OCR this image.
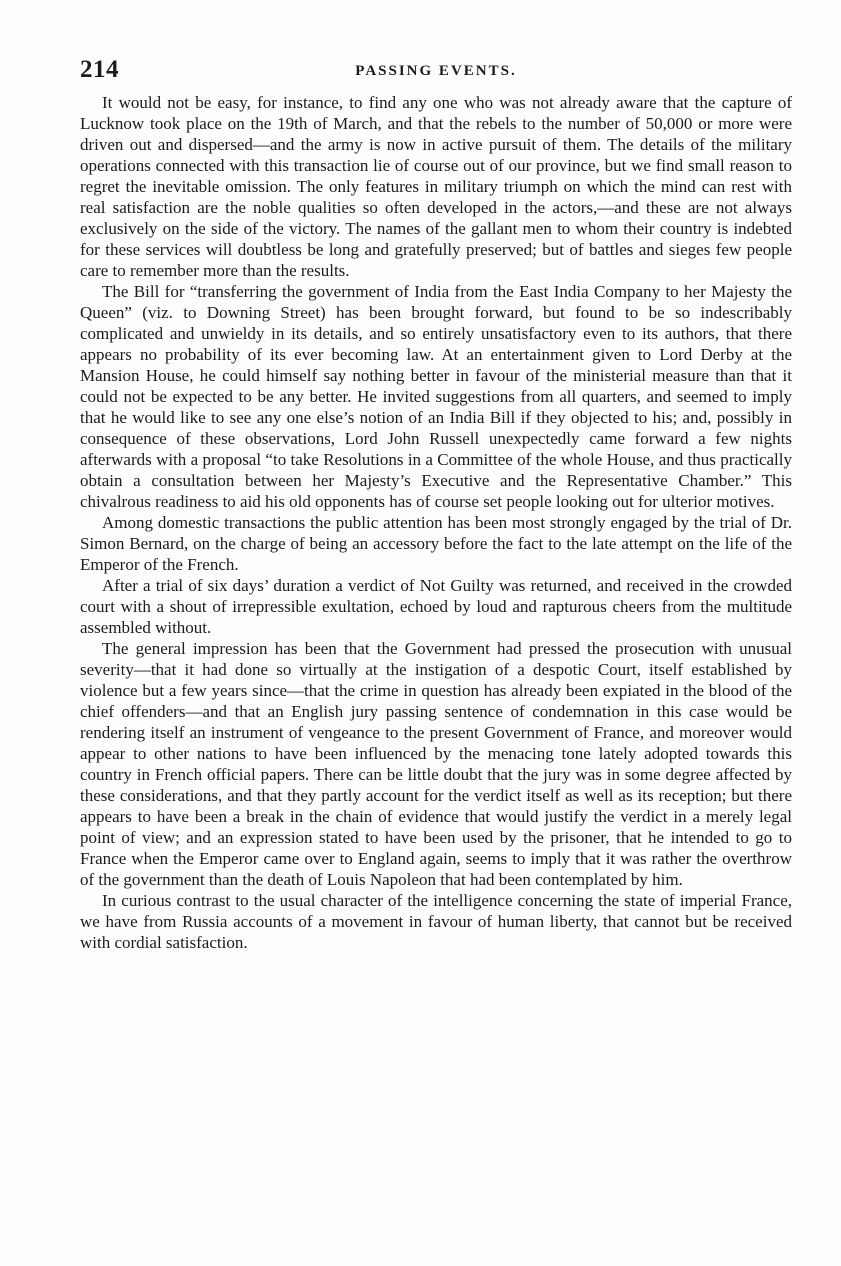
214	PASSING EVENTS.

It would not be easy, for instance, to find any one who was not already aware that the capture of Lucknow took place on the 19th of March, and that the rebels to the number of 50,000 or more were driven out and dispersed—and the army is now in active pursuit of them. The details of the military operations connected with this transaction lie of course out of our province, but we find small reason to regret the inevitable omission. The only features in military triumph on which the mind can rest with real satisfaction are the noble qualities so often developed in the actors,—and these are not always exclusively on the side of the victory. The names of the gallant men to whom their country is indebted for these services will doubtless be long and gratefully preserved; but of battles and sieges few people care to remember more than the results.

The Bill for “transferring the government of India from the East India Company to her Majesty the Queen” (viz. to Downing Street) has been brought forward, but found to be so indescribably complicated and unwieldy in its details, and so entirely unsatisfactory even to its authors, that there appears no probability of its ever becoming law. At an entertainment given to Lord Derby at the Mansion House, he could himself say nothing better in favour of the ministerial measure than that it could not be expected to be any better. He invited suggestions from all quarters, and seemed to imply that he would like to see any one else’s notion of an India Bill if they objected to his; and, possibly in consequence of these observations, Lord John Russell unexpectedly came forward a few nights afterwards with a proposal “to take Resolutions in a Committee of the whole House, and thus practically obtain a consultation between her Majesty’s Executive and the Representative Chamber.” This chivalrous readiness to aid his old opponents has of course set people looking out for ulterior motives.

Among domestic transactions the public attention has been most strongly engaged by the trial of Dr. Simon Bernard, on the charge of being an accessory before the fact to the late attempt on the life of the Emperor of the French.

After a trial of six days’ duration a verdict of Not Guilty was returned, and received in the crowded court with a shout of irrepressible exultation, echoed by loud and rapturous cheers from the multitude assembled without.

The general impression has been that the Government had pressed the prosecution with unusual severity—that it had done so virtually at the instigation of a despotic Court, itself established by violence but a few years since—that the crime in question has already been expiated in the blood of the chief offenders—and that an English jury passing sentence of condemnation in this case would be rendering itself an instrument of vengeance to the present Government of France, and moreover would appear to other nations to have been influenced by the menacing tone lately adopted towards this country in French official papers. There can be little doubt that the jury was in some degree affected by these considerations, and that they partly account for the verdict itself as well as its reception; but there appears to have been a break in the chain of evidence that would justify the verdict in a merely legal point of view; and an expression stated to have been used by the prisoner, that he intended to go to France when the Emperor came over to England again, seems to imply that it was rather the overthrow of the government than the death of Louis Napoleon that had been contemplated by him.

In curious contrast to the usual character of the intelligence concerning the state of imperial France, we have from Russia accounts of a movement in favour of human liberty, that cannot but be received with cordial satisfaction.
